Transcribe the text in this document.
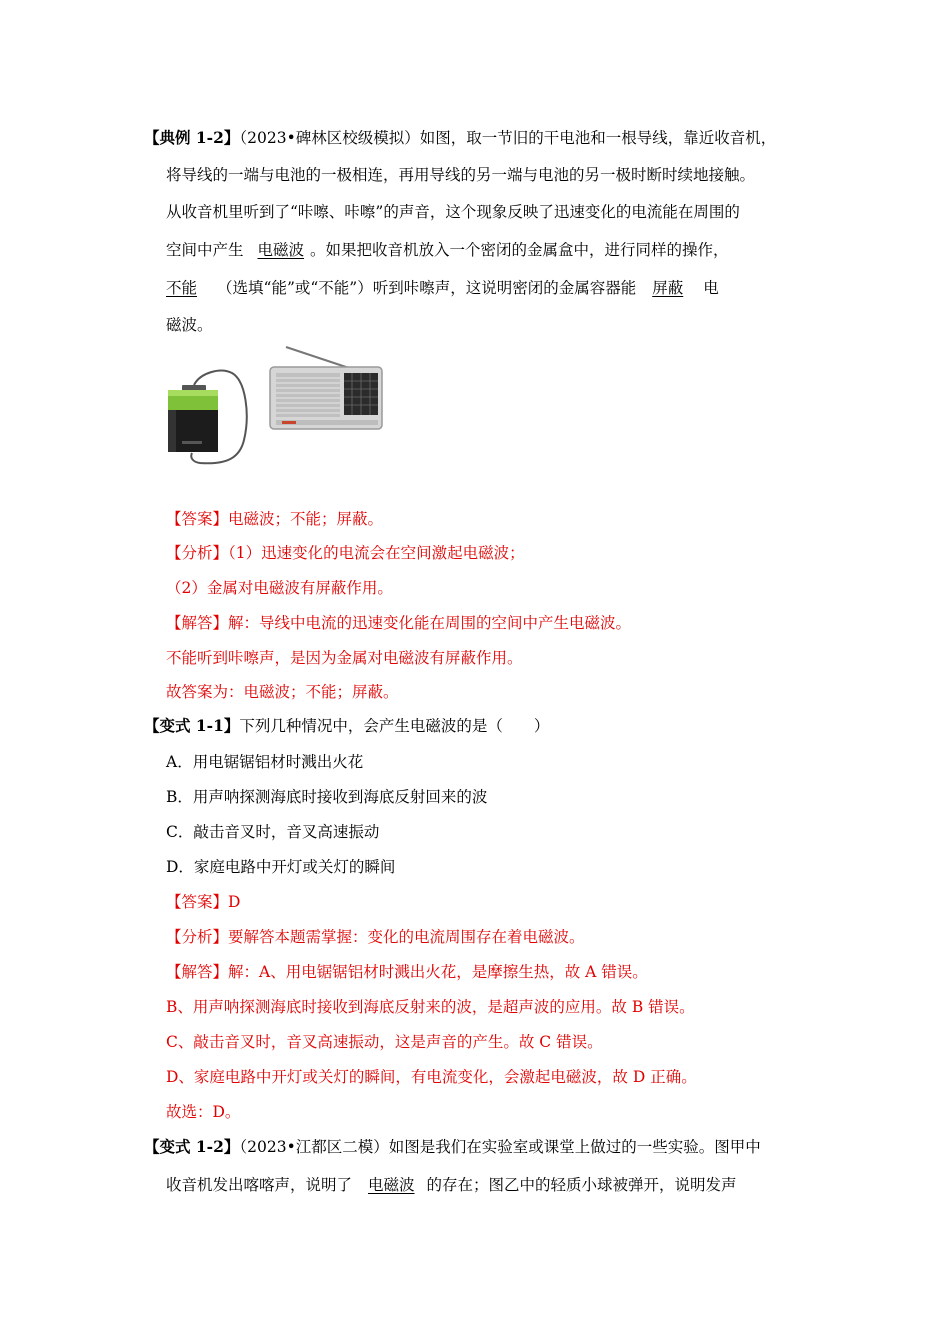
【典例 1-2】（2023•碑林区校级模拟）如图，取一节旧的干电池和一根导线，靠近收音机，
将导线的一端与电池的一极相连，再用导线的另一端与电池的另一极时断时续地接触。
从收音机里听到了“咔嚓、咔嚓”的声音，这个现象反映了迅速变化的电流能在周围的
空间中产生 电磁波 。如果把收音机放入一个密闭的金属盒中，进行同样的操作，
不能 （选填“能”或“不能”）听到咔嚓声，这说明密闭的金属容器能 屏蔽 电
磁波。
【答案】电磁波；不能；屏蔽。
【分析】（1）迅速变化的电流会在空间激起电磁波；
（2）金属对电磁波有屏蔽作用。
【解答】解：导线中电流的迅速变化能在周围的空间中产生电磁波。
不能听到咔嚓声，是因为金属对电磁波有屏蔽作用。
故答案为：电磁波；不能；屏蔽。
【变式 1-1】下列几种情况中，会产生电磁波的是（　　）
A．用电锯锯铝材时溅出火花
B．用声呐探测海底时接收到海底反射回来的波
C．敲击音叉时，音叉高速振动
D．家庭电路中开灯或关灯的瞬间
【答案】D
【分析】要解答本题需掌握：变化的电流周围存在着电磁波。
【解答】解：A、用电锯锯铝材时溅出火花，是摩擦生热，故 A 错误。
B、用声呐探测海底时接收到海底反射来的波，是超声波的应用。故 B 错误。
C、敲击音叉时，音叉高速振动，这是声音的产生。故 C 错误。
D、家庭电路中开灯或关灯的瞬间，有电流变化，会激起电磁波，故 D 正确。
故选：D。
【变式 1-2】（2023•江都区二模）如图是我们在实验室或课堂上做过的一些实验。图甲中
收音机发出喀喀声，说明了 电磁波 的存在；图乙中的轻质小球被弹开，说明发声
